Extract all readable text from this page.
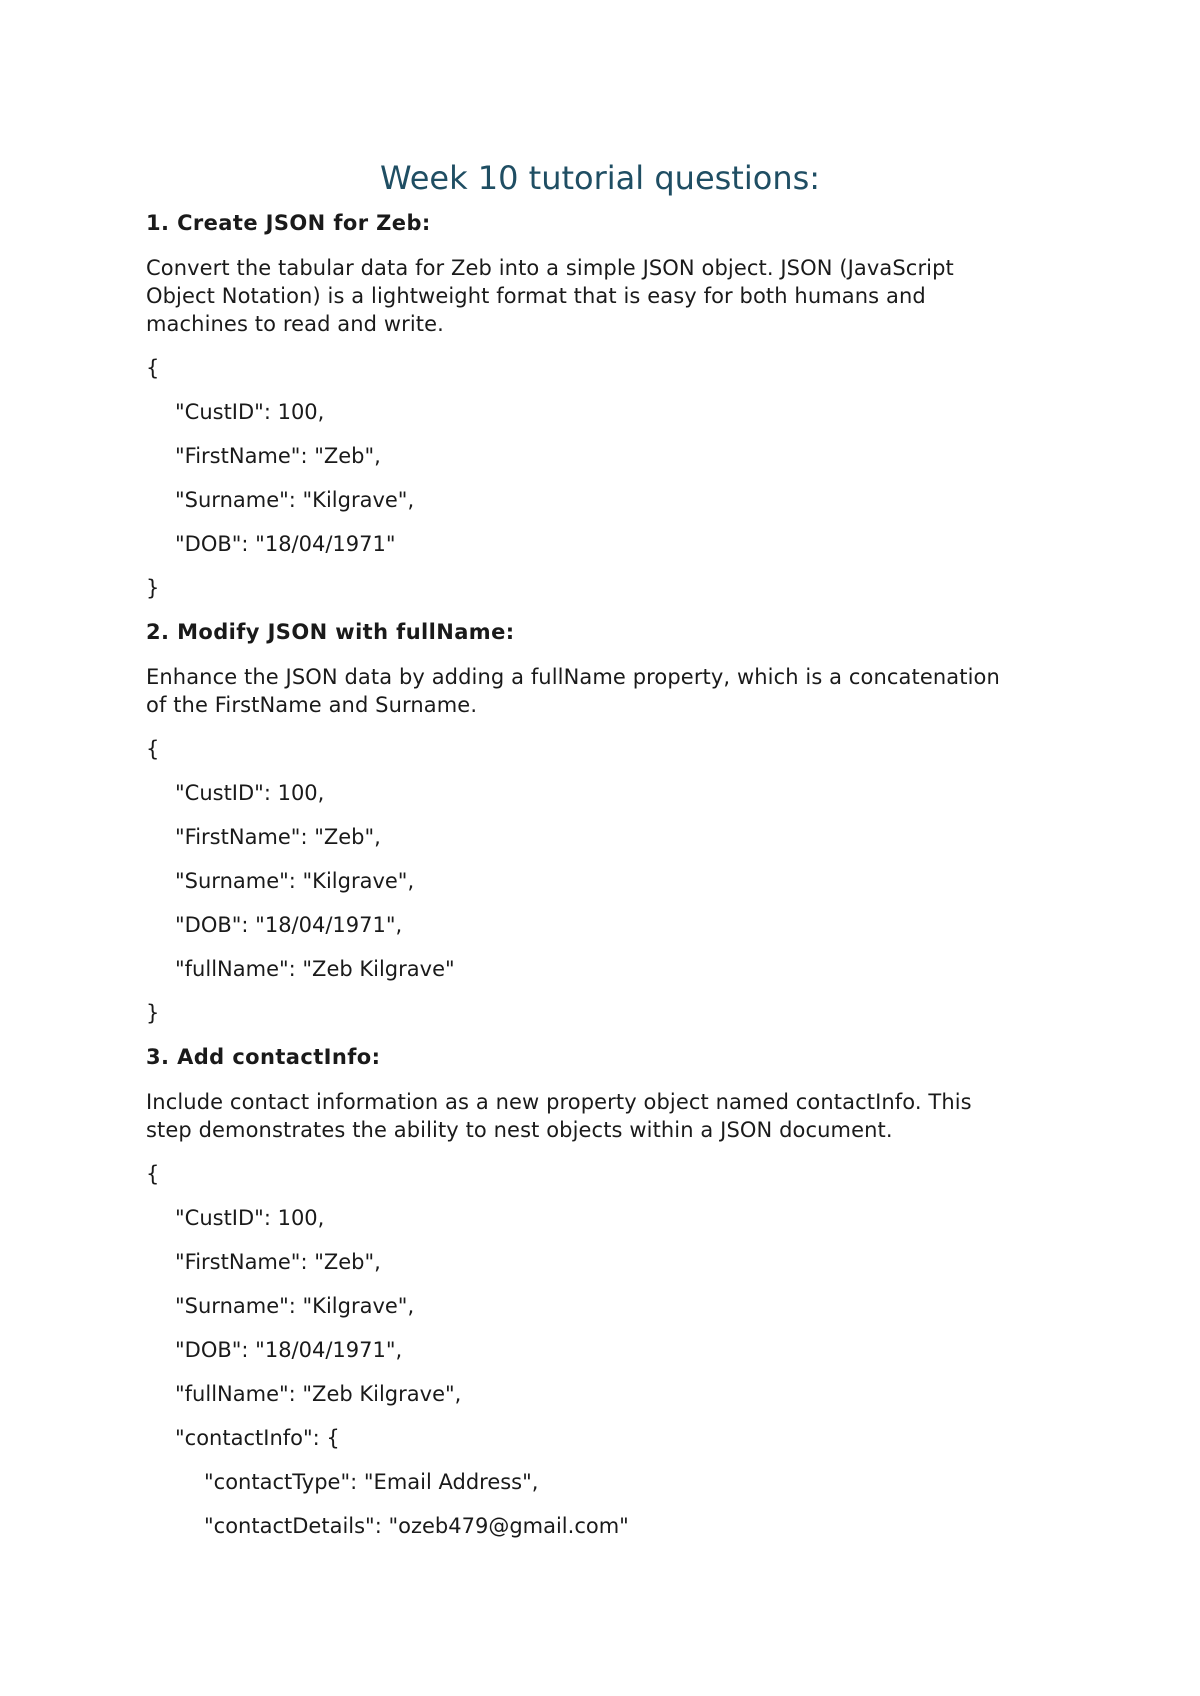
Week 10 tutorial questions:
1. Create JSON for Zeb:
Convert the tabular data for Zeb into a simple JSON object. JSON (JavaScript
Object Notation) is a lightweight format that is easy for both humans and
machines to read and write.
{
"CustID": 100,
"FirstName": "Zeb",
"Surname": "Kilgrave",
"DOB": "18/04/1971"
}
2. Modify JSON with fullName:
Enhance the JSON data by adding a fullName property, which is a concatenation
of the FirstName and Surname.
{
"CustID": 100,
"FirstName": "Zeb",
"Surname": "Kilgrave",
"DOB": "18/04/1971",
"fullName": "Zeb Kilgrave"
}
3. Add contactInfo:
Include contact information as a new property object named contactInfo. This
step demonstrates the ability to nest objects within a JSON document.
{
"CustID": 100,
"FirstName": "Zeb",
"Surname": "Kilgrave",
"DOB": "18/04/1971",
"fullName": "Zeb Kilgrave",
"contactInfo": {
"contactType": "Email Address",
"contactDetails": "ozeb479@gmail.com"
